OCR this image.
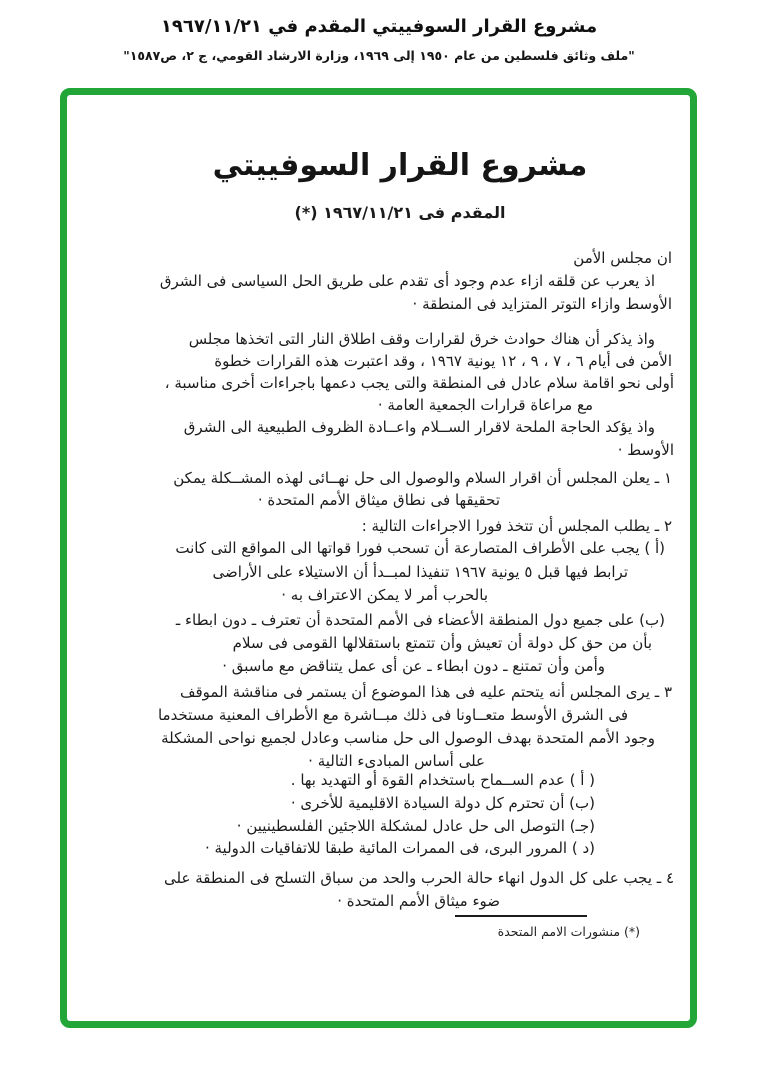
مشروع القرار السوفييتي المقدم في ١٩٦٧/١١/٢١
"ملف وثائق فلسطين من عام ١٩٥٠ إلى ١٩٦٩، وزارة الارشاد القومي، ج ٢، ص١٥٨٧"
مشروع القرار السوفييتي
المقدم فى ١٩٦٧/١١/٢١ (*)
ان مجلس الأمن
اذ يعرب عن قلقه ازاء عدم وجود أى تقدم على طريق الحل السياسى فى الشرق
الأوسط وازاء التوتر المتزايد فى المنطقة ·
واذ يذكر أن هناك حوادث خرق لقرارات وقف اطلاق النار التى اتخذها مجلس
الأمن فى أيام ٦ ، ٧ ، ٩ ، ١٢ يونية ١٩٦٧ ، وقد اعتبرت هذه القرارات خطوة
أولى نحو اقامة سلام عادل فى المنطقة والتى يجب دعمها باجراءات أخرى مناسبة ،
مع مراعاة قرارات الجمعية العامة ·
واذ يؤكد الحاجة الملحة لاقرار الســلام واعــادة الظروف الطبيعية الى الشرق
الأوسط ·
١ ـ يعلن المجلس أن اقرار السلام والوصول الى حل نهــائى لهذه المشــكلة يمكن
تحقيقها فى نطاق ميثاق الأمم المتحدة ·
٢ ـ يطلب المجلس أن تتخذ فورا الاجراءات التالية :
(أ ) يجب على الأطراف المتصارعة أن تسحب فورا قواتها الى المواقع التى كانت
ترابط فيها قبل ٥ يونية ١٩٦٧ تنفيذا لمبــدأ أن الاستيلاء على الأراضى
بالحرب أمر لا يمكن الاعتراف به ·
(ب) على جميع دول المنطقة الأعضاء فى الأمم المتحدة أن تعترف ـ دون ابطاء ـ
بأن من حق كل دولة أن تعيش وأن تتمتع باستقلالها القومى فى سلام
وأمن وأن تمتنع ـ دون ابطاء ـ عن أى عمل يتناقض مع ماسبق ·
٣ ـ يرى المجلس أنه يتحتم عليه فى هذا الموضوع أن يستمر فى مناقشة الموقف
فى الشرق الأوسط متعــاونا فى ذلك مبــاشرة مع الأطراف المعنية مستخدما
وجود الأمم المتحدة بهدف الوصول الى حل مناسب وعادل لجميع نواحى المشكلة
على أساس المبادىء التالية ·
( أ ) عدم الســماح باستخدام القوة أو التهديد بها .
(ب) أن تحترم كل دولة السيادة الاقليمية للأخرى ·
(جـ) التوصل الى حل عادل لمشكلة اللاجئين الفلسطينيين ·
(د ) المرور البرى، فى الممرات المائية طبقا للاتفاقيات الدولية ·
٤ ـ يجب على كل الدول انهاء حالة الحرب والحد من سباق التسلح فى المنطقة على
ضوء ميثاق الأمم المتحدة ·
(*) منشورات الامم المتحدة
